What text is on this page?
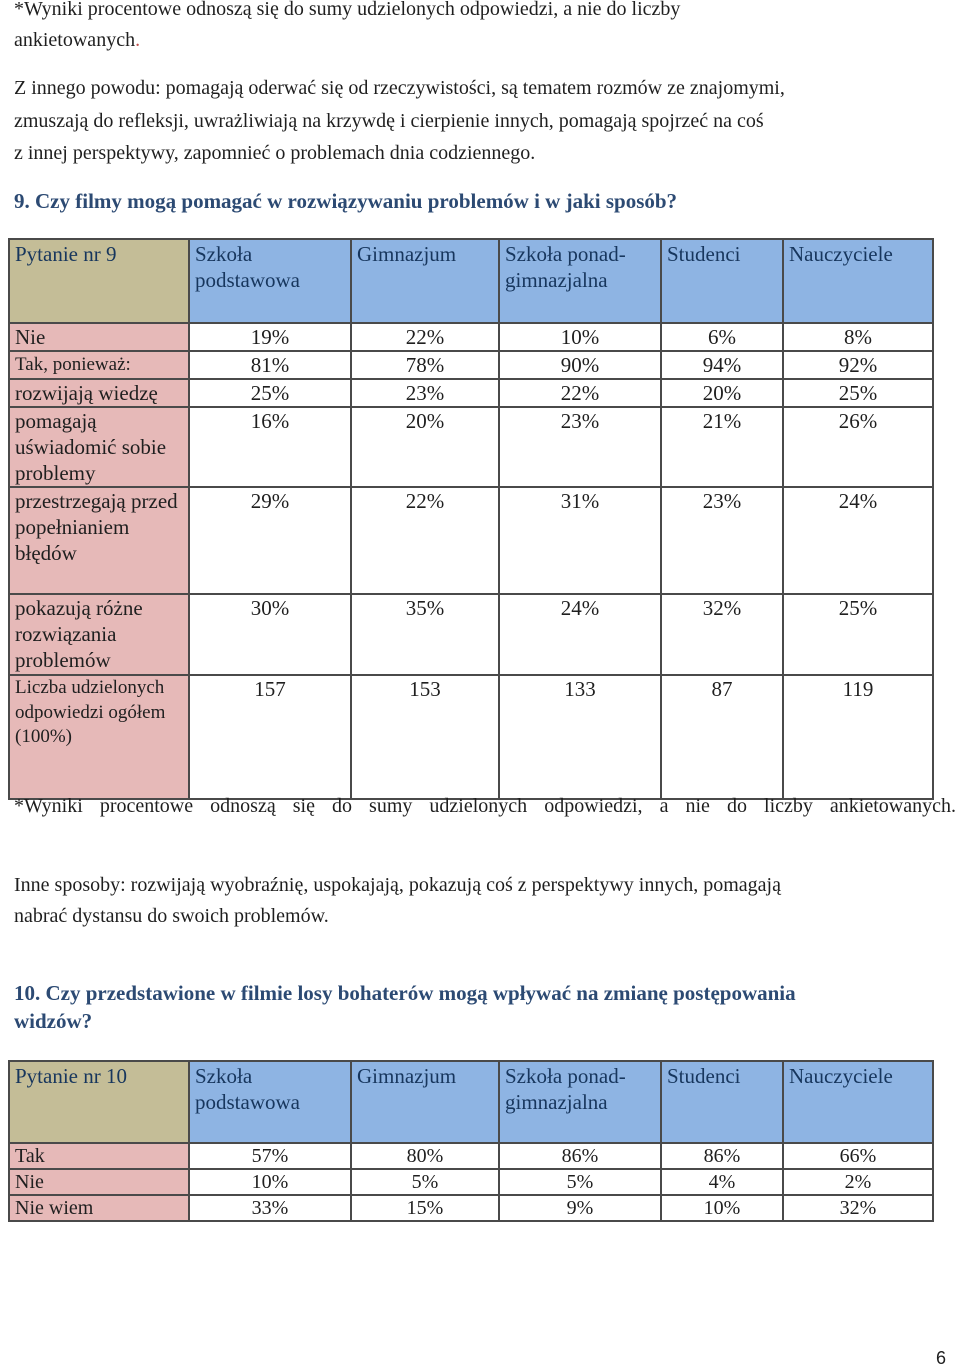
*Wyniki procentowe odnoszą się do sumy udzielonych odpowiedzi, a nie do liczby

ankietowanych.

Z innego powodu: pomagają oderwać się od rzeczywistości, są tematem rozmów ze znajomymi,

zmuszają do refleksji, uwrażliwiają na krzywdę i cierpienie innych, pomagają spojrzeć na coś

z innej perspektywy, zapomnieć o problemach dnia codziennego.

9. Czy filmy mogą pomagać w rozwiązywaniu problemów i w jaki sposób?

Pytanie nr 9	Szkoła podstawowa	Gimnazjum	Szkoła ponad-gimnazjalna	Studenci	Nauczyciele
Nie	19%	22%	10%	6%	8%
Tak, ponieważ:	81%	78%	90%	94%	92%
rozwijają wiedzę	25%	23%	22%	20%	25%
pomagają uświadomić sobie problemy	16%	20%	23%	21%	26%
przestrzegają przed popełnianiem błędów	29%	22%	31%	23%	24%
pokazują różne rozwiązania problemów	30%	35%	24%	32%	25%
Liczba udzielonych odpowiedzi ogółem (100%)	157	153	133	87	119

*Wyniki procentowe odnoszą się do sumy udzielonych odpowiedzi, a nie do liczby ankietowanych.

Inne sposoby: rozwijają wyobraźnię, uspokajają, pokazują coś z perspektywy innych, pomagają

nabrać dystansu do swoich problemów.

10. Czy przedstawione w filmie losy bohaterów mogą wpływać na zmianę postępowania

widzów?

Pytanie nr 10	Szkoła podstawowa	Gimnazjum	Szkoła ponad-gimnazjalna	Studenci	Nauczyciele
Tak	57%	80%	86%	86%	66%
Nie	10%	5%	5%	4%	2%
Nie wiem	33%	15%	9%	10%	32%
6
